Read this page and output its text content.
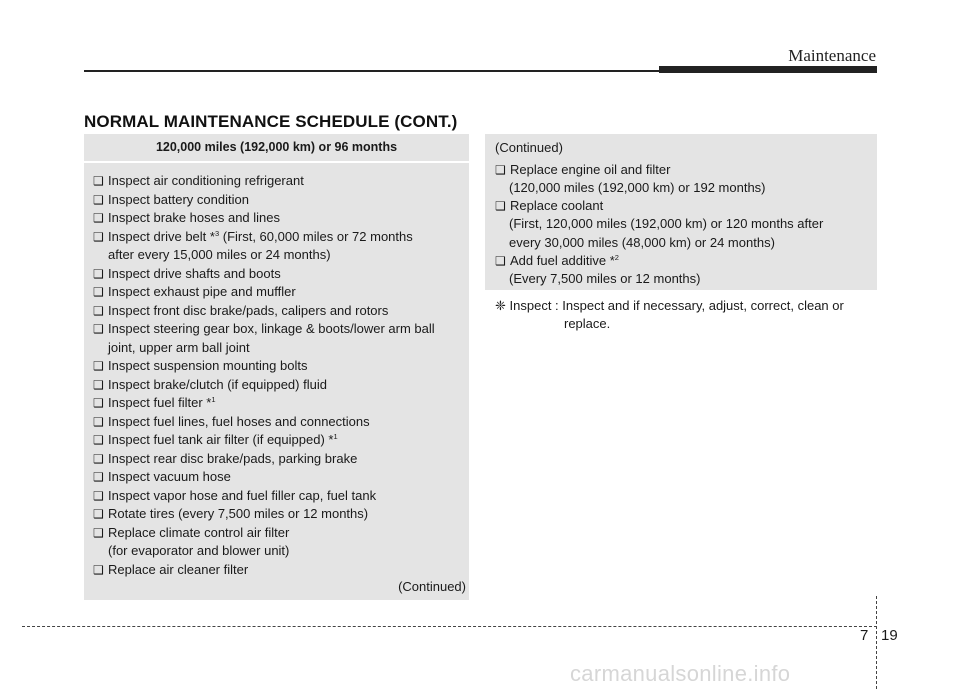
Maintenance
NORMAL MAINTENANCE SCHEDULE (CONT.)
120,000 miles (192,000 km) or 96 months
❑ Inspect air conditioning refrigerant
❑ Inspect battery condition
❑ Inspect brake hoses and lines
❑ Inspect drive belt *$^3$ (First, 60,000 miles or 72 months
after every 15,000 miles or 24 months)
❑ Inspect drive shafts and boots
❑ Inspect exhaust pipe and muffler
❑ Inspect front disc brake/pads, calipers and rotors
❑ Inspect steering gear box, linkage & boots/lower arm ball
joint, upper arm ball joint
❑ Inspect suspension mounting bolts
❑ Inspect brake/clutch (if equipped) fluid
❑ Inspect fuel filter *$^1$
❑ Inspect fuel lines, fuel hoses and connections
❑ Inspect fuel tank air filter (if equipped) *$^1$
❑ Inspect rear disc brake/pads, parking brake
❑ Inspect vacuum hose
❑ Inspect vapor hose and fuel filler cap, fuel tank
❑ Rotate tires (every 7,500 miles or 12 months)
❑ Replace climate control air filter
(for evaporator and blower unit)
❑ Replace air cleaner filter
(Continued)
(Continued)
❑ Replace engine oil and filter
(120,000 miles (192,000 km) or 192 months)
❑ Replace coolant
(First, 120,000 miles (192,000 km) or 120 months after
every 30,000 miles (48,000 km) or 24 months)
❑ Add fuel additive *$^2$
(Every 7,500 miles or 12 months)
❈ Inspect : Inspect and if necessary, adjust, correct, clean or
replace.
7 19
carmanualsonline.info
